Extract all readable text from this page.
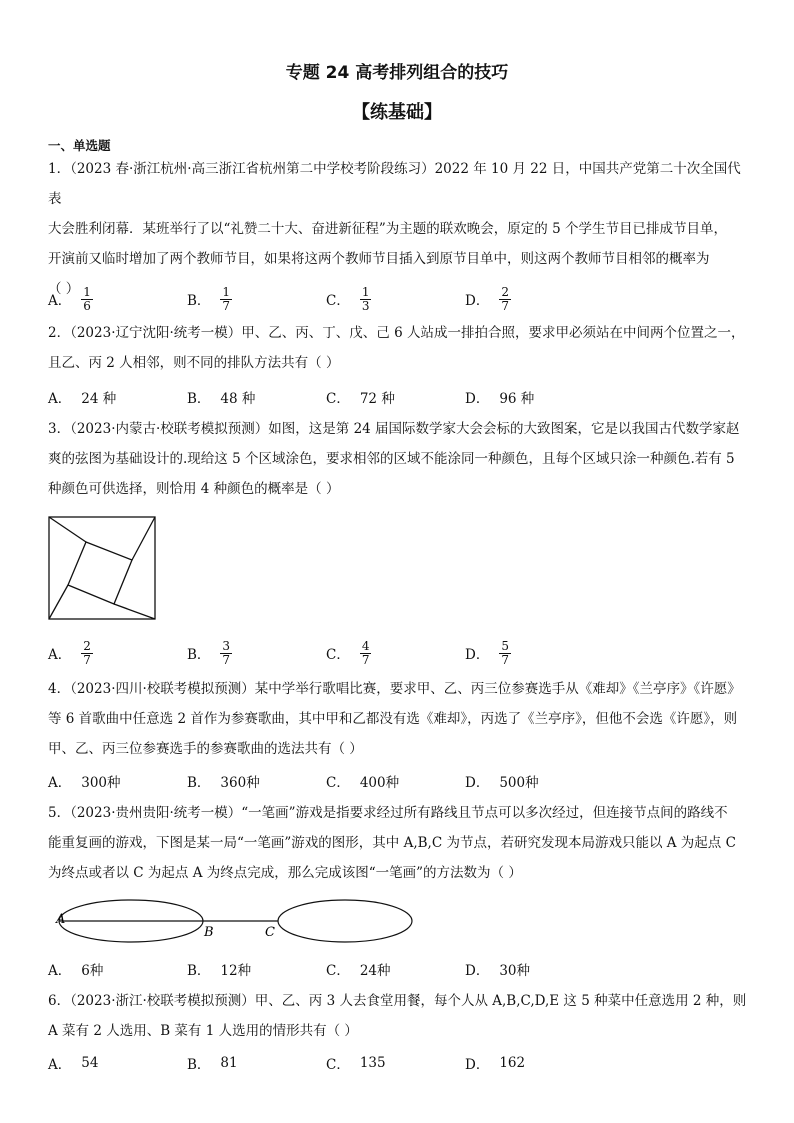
专题 24 高考排列组合的技巧
【练基础】
一、单选题
1．（2023 春·浙江杭州·高三浙江省杭州第二中学校考阶段练习）2022 年 10 月 22 日，中国共产党第二十次全国代表
大会胜利闭幕．某班举行了以“礼赞二十大、奋进新征程”为主题的联欢晚会，原定的 5 个学生节目已排成节目单，
开演前又临时增加了两个教师节目，如果将这两个教师节目插入到原节目单中，则这两个教师节目相邻的概率为
（ ）
A． $\frac{1}{6}$	B． $\frac{1}{7}$	C． $\frac{1}{3}$	D． $\frac{2}{7}$
2．（2023·辽宁沈阳·统考一模）甲、乙、丙、丁、戊、己 6 人站成一排拍合照，要求甲必须站在中间两个位置之一，
且乙、丙 2 人相邻，则不同的排队方法共有（ ）
A． 24 种	B． 48 种	C． 72 种	D． 96 种
3．（2023·内蒙古·校联考模拟预测）如图，这是第 24 届国际数学家大会会标的大致图案，它是以我国古代数学家赵
爽的弦图为基础设计的.现给这 5 个区域涂色，要求相邻的区域不能涂同一种颜色，且每个区域只涂一种颜色.若有 5
种颜色可供选择，则恰用 4 种颜色的概率是（ ）
A． $\frac{2}{7}$	B． $\frac{3}{7}$	C． $\frac{4}{7}$	D． $\frac{5}{7}$
4．（2023·四川·校联考模拟预测）某中学举行歌唱比赛，要求甲、乙、丙三位参赛选手从《难却》《兰亭序》《许愿》
等 6 首歌曲中任意选 2 首作为参赛歌曲，其中甲和乙都没有选《难却》，丙选了《兰亭序》，但他不会选《许愿》，则
甲、乙、丙三位参赛选手的参赛歌曲的选法共有（ ）
A． 300种	B． 360种	C． 400种	D． 500种
5．（2023·贵州贵阳·统考一模）“一笔画”游戏是指要求经过所有路线且节点可以多次经过，但连接节点间的路线不
能重复画的游戏，下图是某一局“一笔画”游戏的图形，其中 A,B,C 为节点，若研究发现本局游戏只能以 A 为起点 C
为终点或者以 C 为起点 A 为终点完成，那么完成该图“一笔画”的方法数为（ ）
A
B	C
A． 6种	B． 12种	C． 24种	D． 30种
6．（2023·浙江·校联考模拟预测）甲、乙、丙 3 人去食堂用餐，每个人从 A,B,C,D,E 这 5 种菜中任意选用 2 种，则
A 菜有 2 人选用、B 菜有 1 人选用的情形共有（ ）
A． 54	B． 81	C． 135	D． 162
